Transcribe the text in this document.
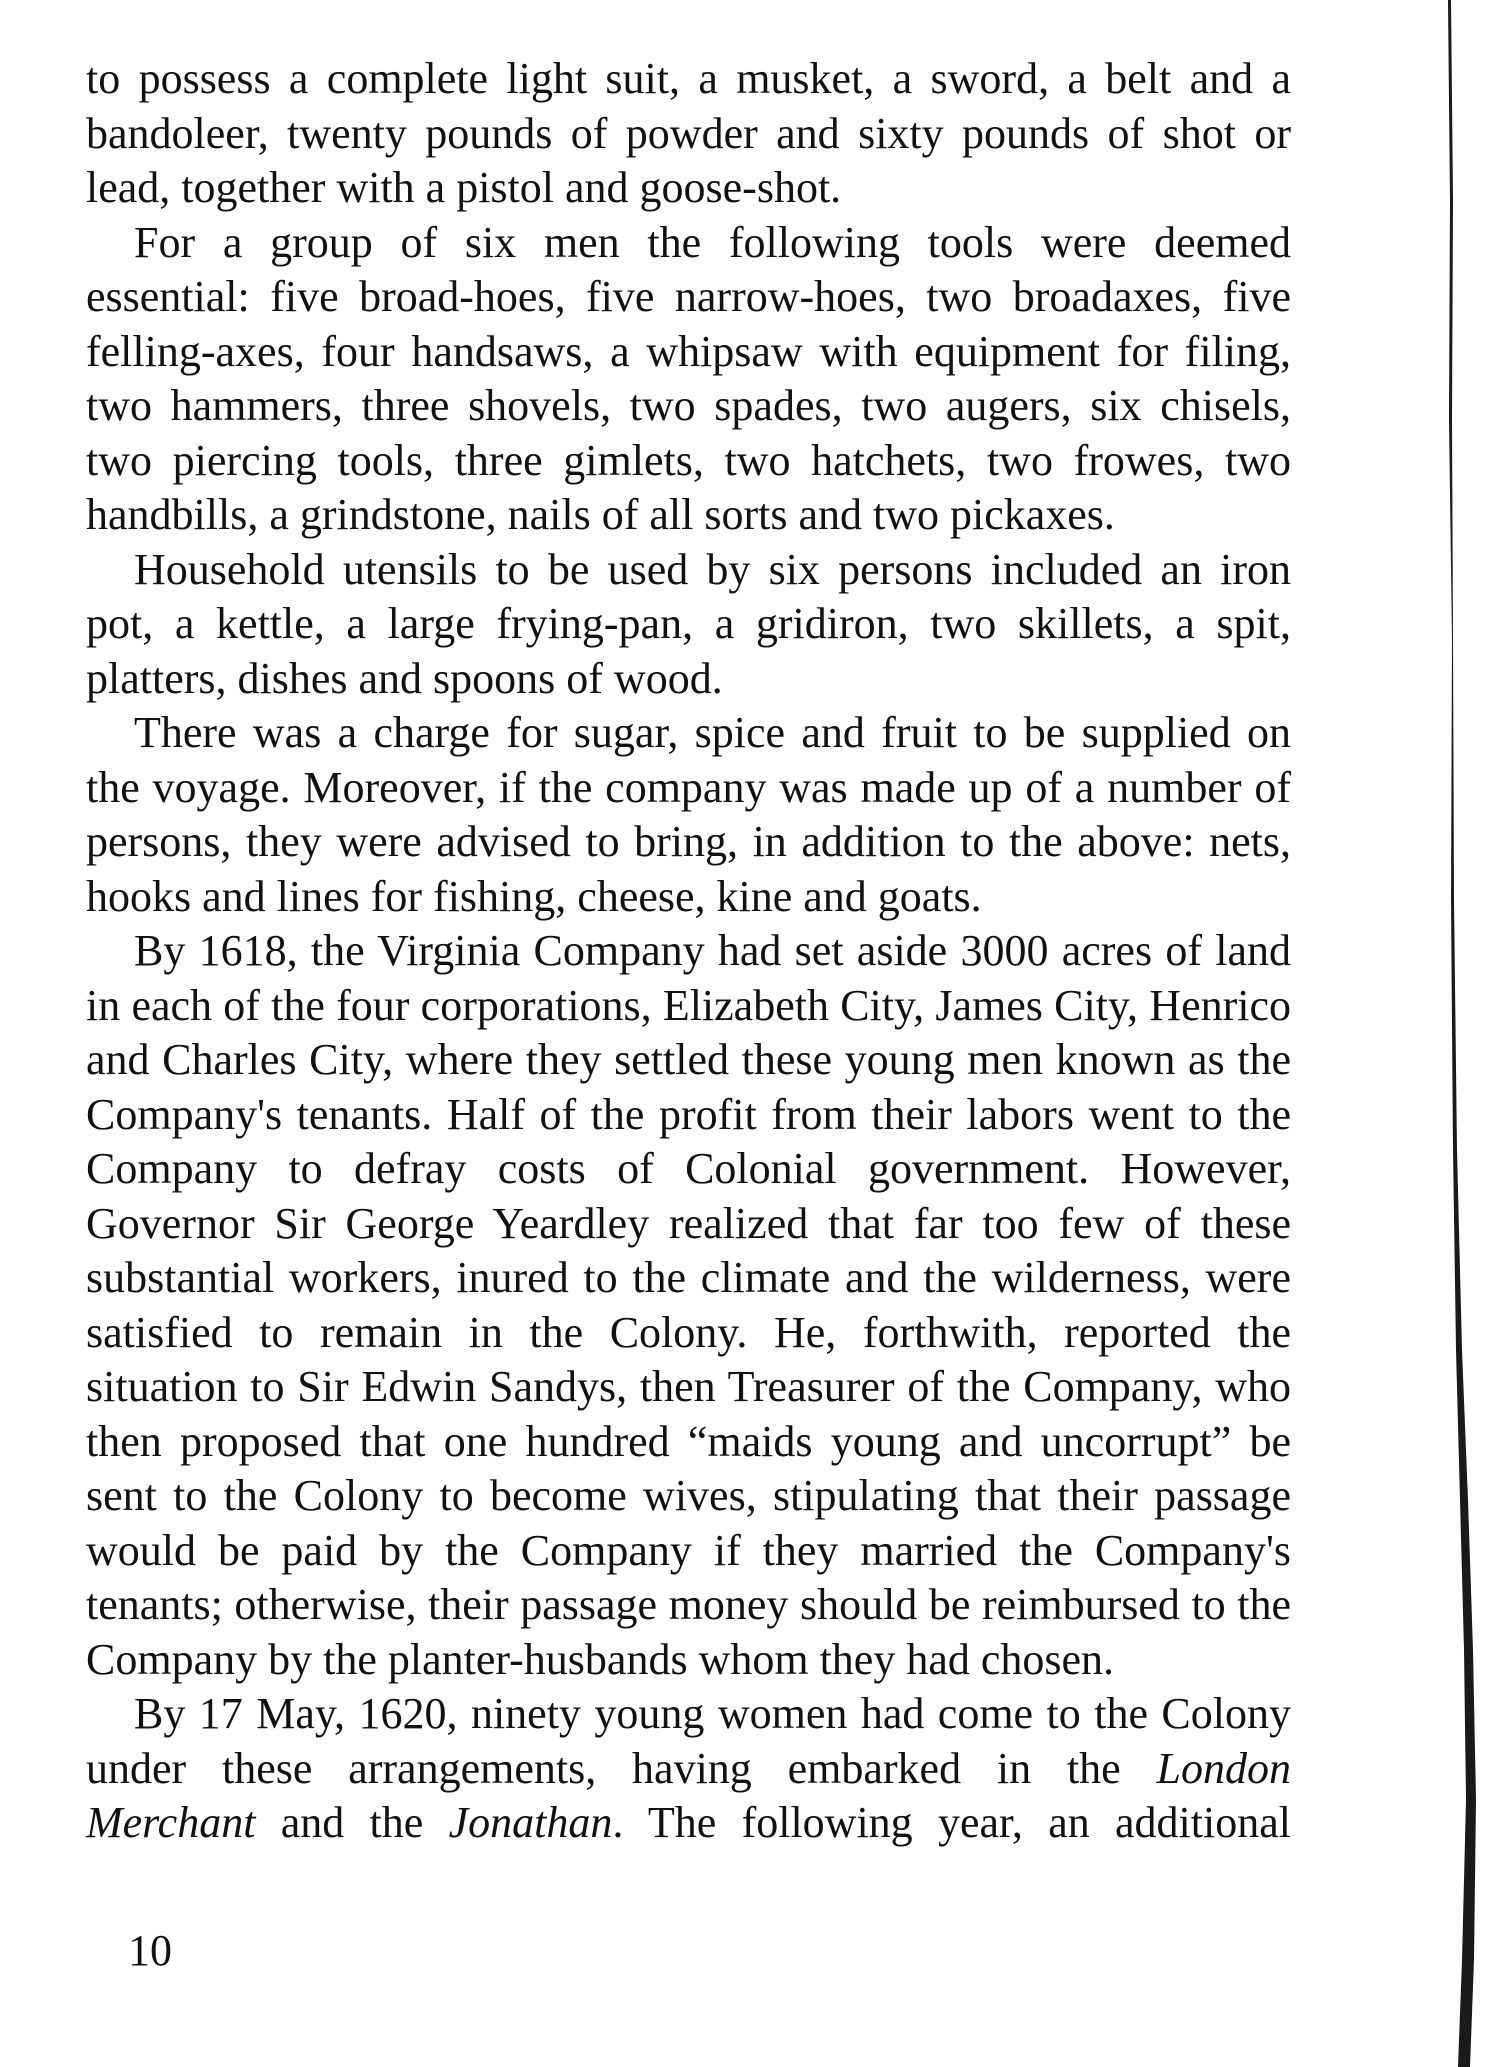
to possess a complete light suit, a musket, a sword, a belt and a bandoleer, twenty pounds of powder and sixty pounds of shot or lead, together with a pistol and goose-shot.

For a group of six men the following tools were deemed essential: five broad-hoes, five narrow-hoes, two broadaxes, five felling-axes, four handsaws, a whipsaw with equipment for filing, two hammers, three shovels, two spades, two augers, six chisels, two piercing tools, three gimlets, two hatchets, two frowes, two handbills, a grindstone, nails of all sorts and two pickaxes.

Household utensils to be used by six persons included an iron pot, a kettle, a large frying-pan, a gridiron, two skillets, a spit, platters, dishes and spoons of wood.

There was a charge for sugar, spice and fruit to be supplied on the voyage. Moreover, if the company was made up of a number of persons, they were advised to bring, in addition to the above: nets, hooks and lines for fishing, cheese, kine and goats.

By 1618, the Virginia Company had set aside 3000 acres of land in each of the four corporations, Elizabeth City, James City, Henrico and Charles City, where they settled these young men known as the Company's tenants. Half of the profit from their labors went to the Company to defray costs of Colonial government. However, Governor Sir George Yeardley realized that far too few of these substantial workers, inured to the climate and the wilderness, were satisfied to remain in the Colony. He, forthwith, reported the situation to Sir Edwin Sandys, then Treasurer of the Company, who then proposed that one hundred “maids young and uncorrupt” be sent to the Colony to become wives, stipulating that their passage would be paid by the Company if they married the Company's tenants; otherwise, their passage money should be reimbursed to the Company by the planter-husbands whom they had chosen.

By 17 May, 1620, ninety young women had come to the Colony under these arrangements, having embarked in the London Merchant and the Jonathan. The following year, an additional

10
